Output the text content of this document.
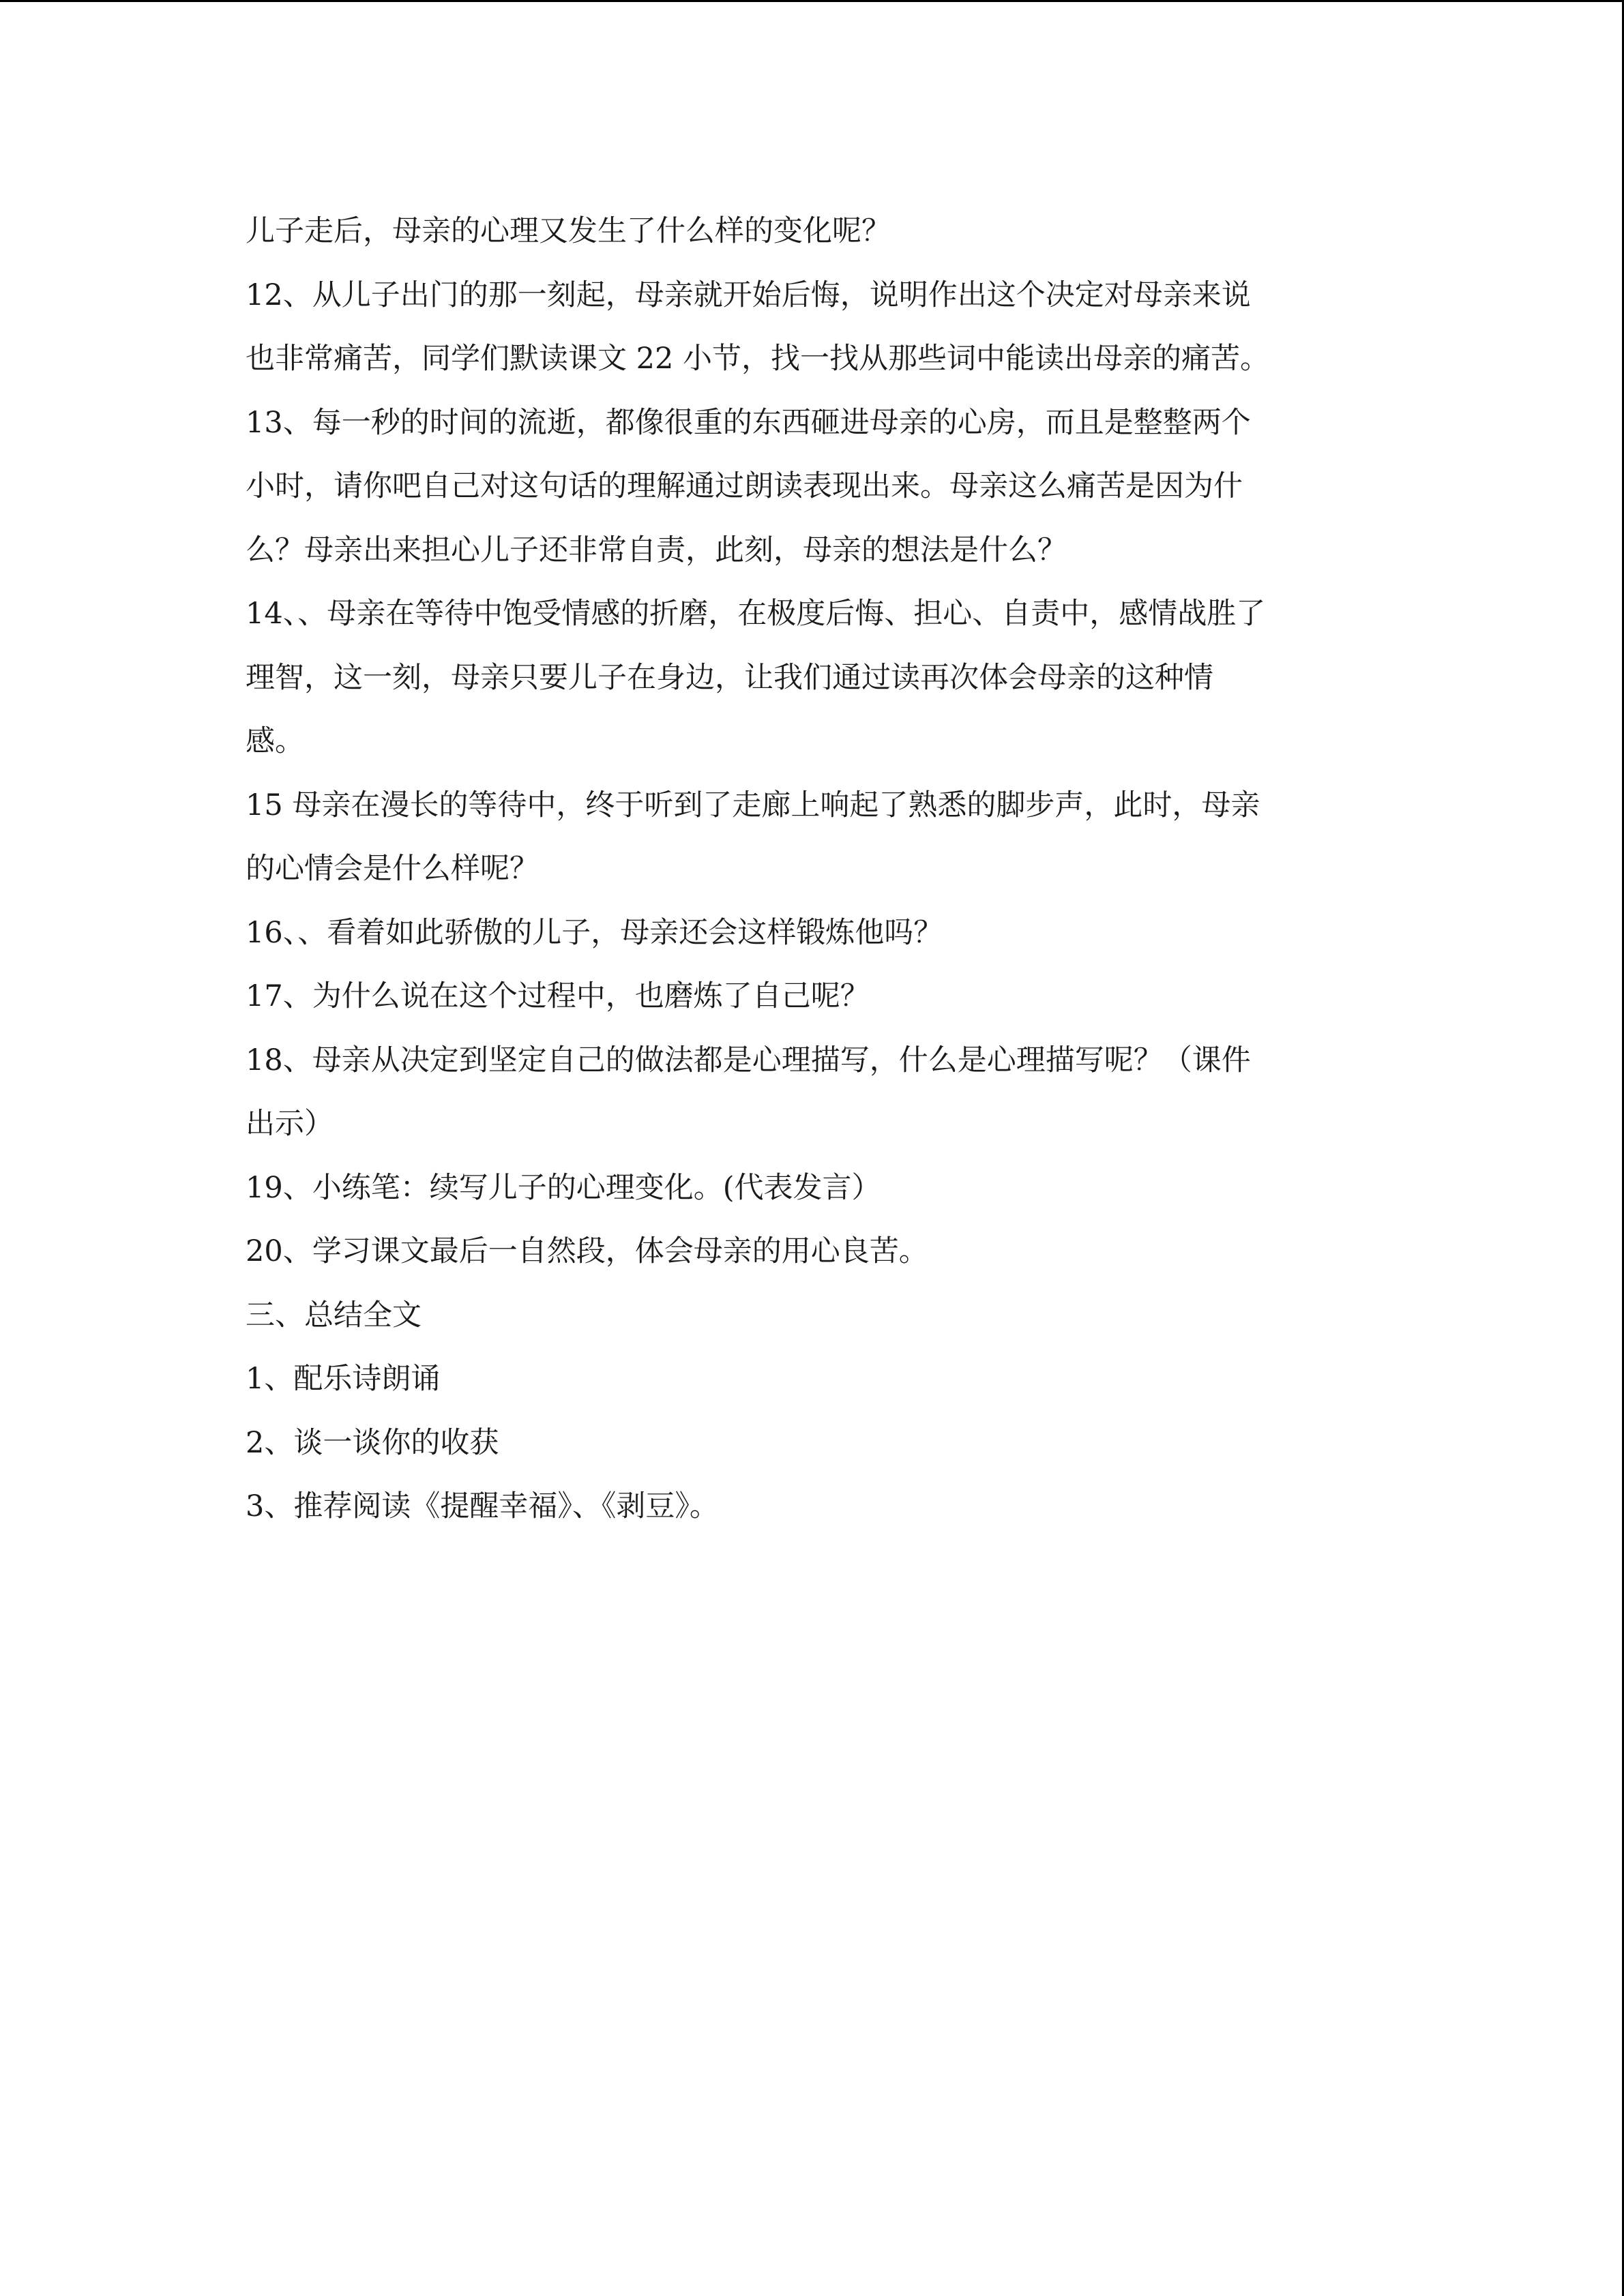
儿子走后，母亲的心理又发生了什么样的变化呢？

12、从儿子出门的那一刻起，母亲就开始后悔，说明作出这个决定对母亲来说
也非常痛苦，同学们默读课文 22 小节，找一找从那些词中能读出母亲的痛苦。

13、每一秒的时间的流逝，都像很重的东西砸进母亲的心房，而且是整整两个
小时，请你吧自己对这句话的理解通过朗读表现出来。母亲这么痛苦是因为什
么？母亲出来担心儿子还非常自责，此刻，母亲的想法是什么？

14、、母亲在等待中饱受情感的折磨，在极度后悔、担心、自责中，感情战胜了
理智，这一刻，母亲只要儿子在身边，让我们通过读再次体会母亲的这种情
感。

15 母亲在漫长的等待中，终于听到了走廊上响起了熟悉的脚步声，此时，母亲
的心情会是什么样呢？

16、、看着如此骄傲的儿子，母亲还会这样锻炼他吗？

17、为什么说在这个过程中，也磨炼了自己呢？

18、母亲从决定到坚定自己的做法都是心理描写，什么是心理描写呢？（课件
出示）

19、小练笔：续写儿子的心理变化。(代表发言）

20、学习课文最后一自然段，体会母亲的用心良苦。

三、总结全文

1、配乐诗朗诵

2、谈一谈你的收获

3、推荐阅读《提醒幸福》、《剥豆》。
